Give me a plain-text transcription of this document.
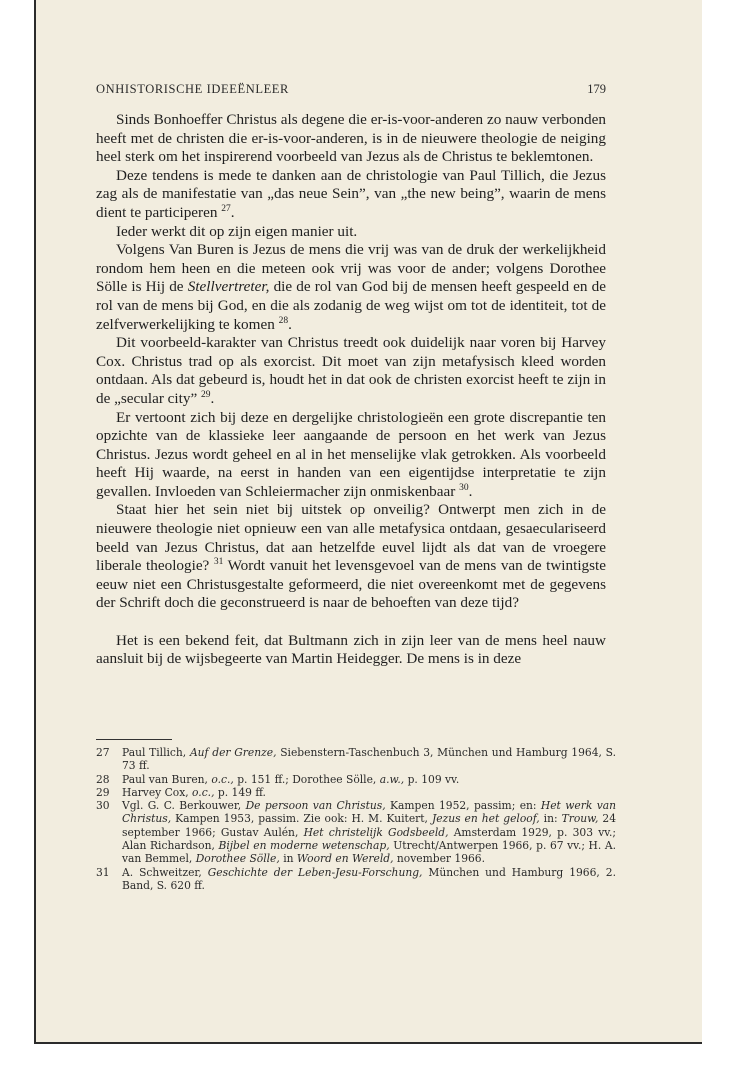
ONHISTORISCHE IDEEËNLEER	179

Sinds Bonhoeffer Christus als degene die er-is-voor-anderen zo nauw verbonden heeft met de christen die er-is-voor-anderen, is in de nieuwere theologie de neiging heel sterk om het inspirerend voorbeeld van Jezus als de Christus te beklemtonen.

Deze tendens is mede te danken aan de christologie van Paul Tillich, die Jezus zag als de manifestatie van „das neue Sein”, van „the new being”, waarin de mens dient te participeren $^{27}$.

Ieder werkt dit op zijn eigen manier uit.

Volgens Van Buren is Jezus de mens die vrij was van de druk der werkelijkheid rondom hem heen en die meteen ook vrij was voor de ander; volgens Dorothee Sölle is Hij de Stellvertreter, die de rol van God bij de mensen heeft gespeeld en de rol van de mens bij God, en die als zodanig de weg wijst om tot de identiteit, tot de zelfverwerkelijking te komen $^{28}$.

Dit voorbeeld-karakter van Christus treedt ook duidelijk naar voren bij Harvey Cox. Christus trad op als exorcist. Dit moet van zijn metafysisch kleed worden ontdaan. Als dat gebeurd is, houdt het in dat ook de christen exorcist heeft te zijn in de „secular city” $^{29}$.

Er vertoont zich bij deze en dergelijke christologieën een grote discrepantie ten opzichte van de klassieke leer aangaande de persoon en het werk van Jezus Christus. Jezus wordt geheel en al in het menselijke vlak getrokken. Als voorbeeld heeft Hij waarde, na eerst in handen van een eigentijdse interpretatie te zijn gevallen. Invloeden van Schleiermacher zijn onmiskenbaar $^{30}$.

Staat hier het sein niet bij uitstek op onveilig? Ontwerpt men zich in de nieuwere theologie niet opnieuw een van alle metafysica ontdaan, gesaeculariseerd beeld van Jezus Christus, dat aan hetzelfde euvel lijdt als dat van de vroegere liberale theologie? $^{31}$ Wordt vanuit het levensgevoel van de mens van de twintigste eeuw niet een Christusgestalte geformeerd, die niet overeenkomt met de gegevens der Schrift doch die geconstrueerd is naar de behoeften van deze tijd?

Het is een bekend feit, dat Bultmann zich in zijn leer van de mens heel nauw aansluit bij de wijsbegeerte van Martin Heidegger. De mens is in deze

27 Paul Tillich, Auf der Grenze, Siebenstern-Taschenbuch 3, München und Hamburg 1964, S. 73 ff.
28 Paul van Buren, o.c., p. 151 ff.; Dorothee Sölle, a.w., p. 109 vv.
29 Harvey Cox, o.c., p. 149 ff.
30 Vgl. G. C. Berkouwer, De persoon van Christus, Kampen 1952, passim; en: Het werk van Christus, Kampen 1953, passim. Zie ook: H. M. Kuitert, Jezus en het geloof, in: Trouw, 24 september 1966; Gustav Aulén, Het christelijk Godsbeeld, Amsterdam 1929, p. 303 vv.; Alan Richardson, Bijbel en moderne wetenschap, Utrecht/Antwerpen 1966, p. 67 vv.; H. A. van Bemmel, Dorothee Sölle, in Woord en Wereld, november 1966.
31 A. Schweitzer, Geschichte der Leben-Jesu-Forschung, München und Hamburg 1966, 2. Band, S. 620 ff.
